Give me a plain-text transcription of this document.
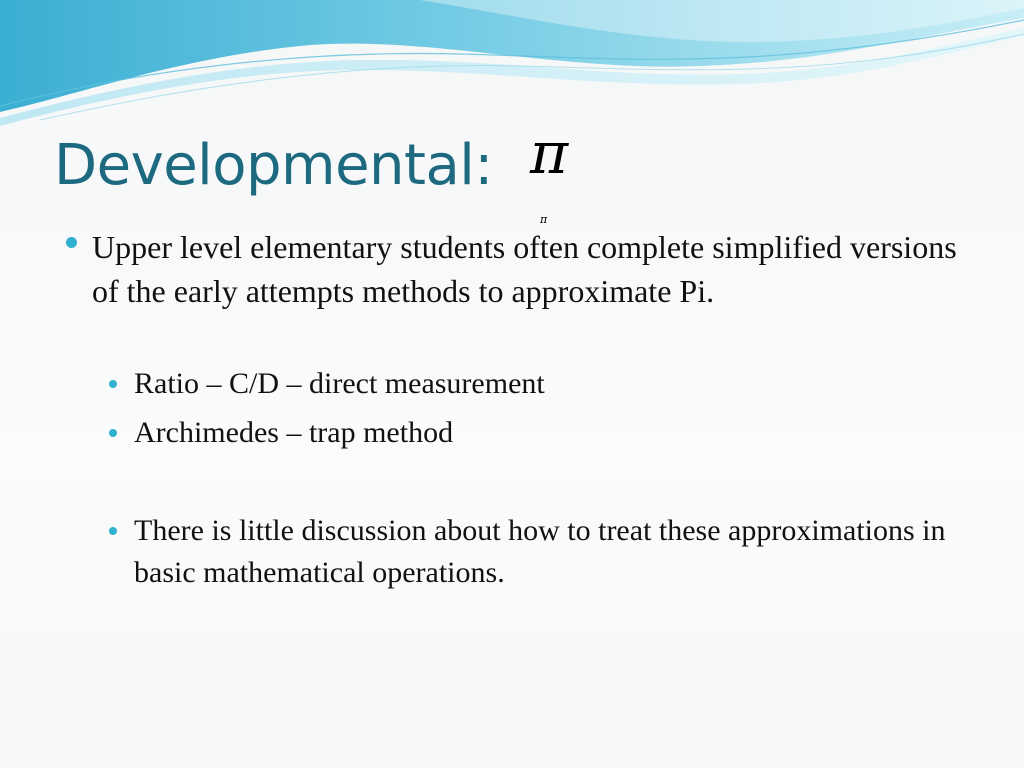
Developmental: π
π

Upper level elementary students often complete simplified versions of the early attempts methods to approximate Pi.

Ratio – C/D – direct measurement

Archimedes – trap method

There is little discussion about how to treat these approximations in basic mathematical operations.
